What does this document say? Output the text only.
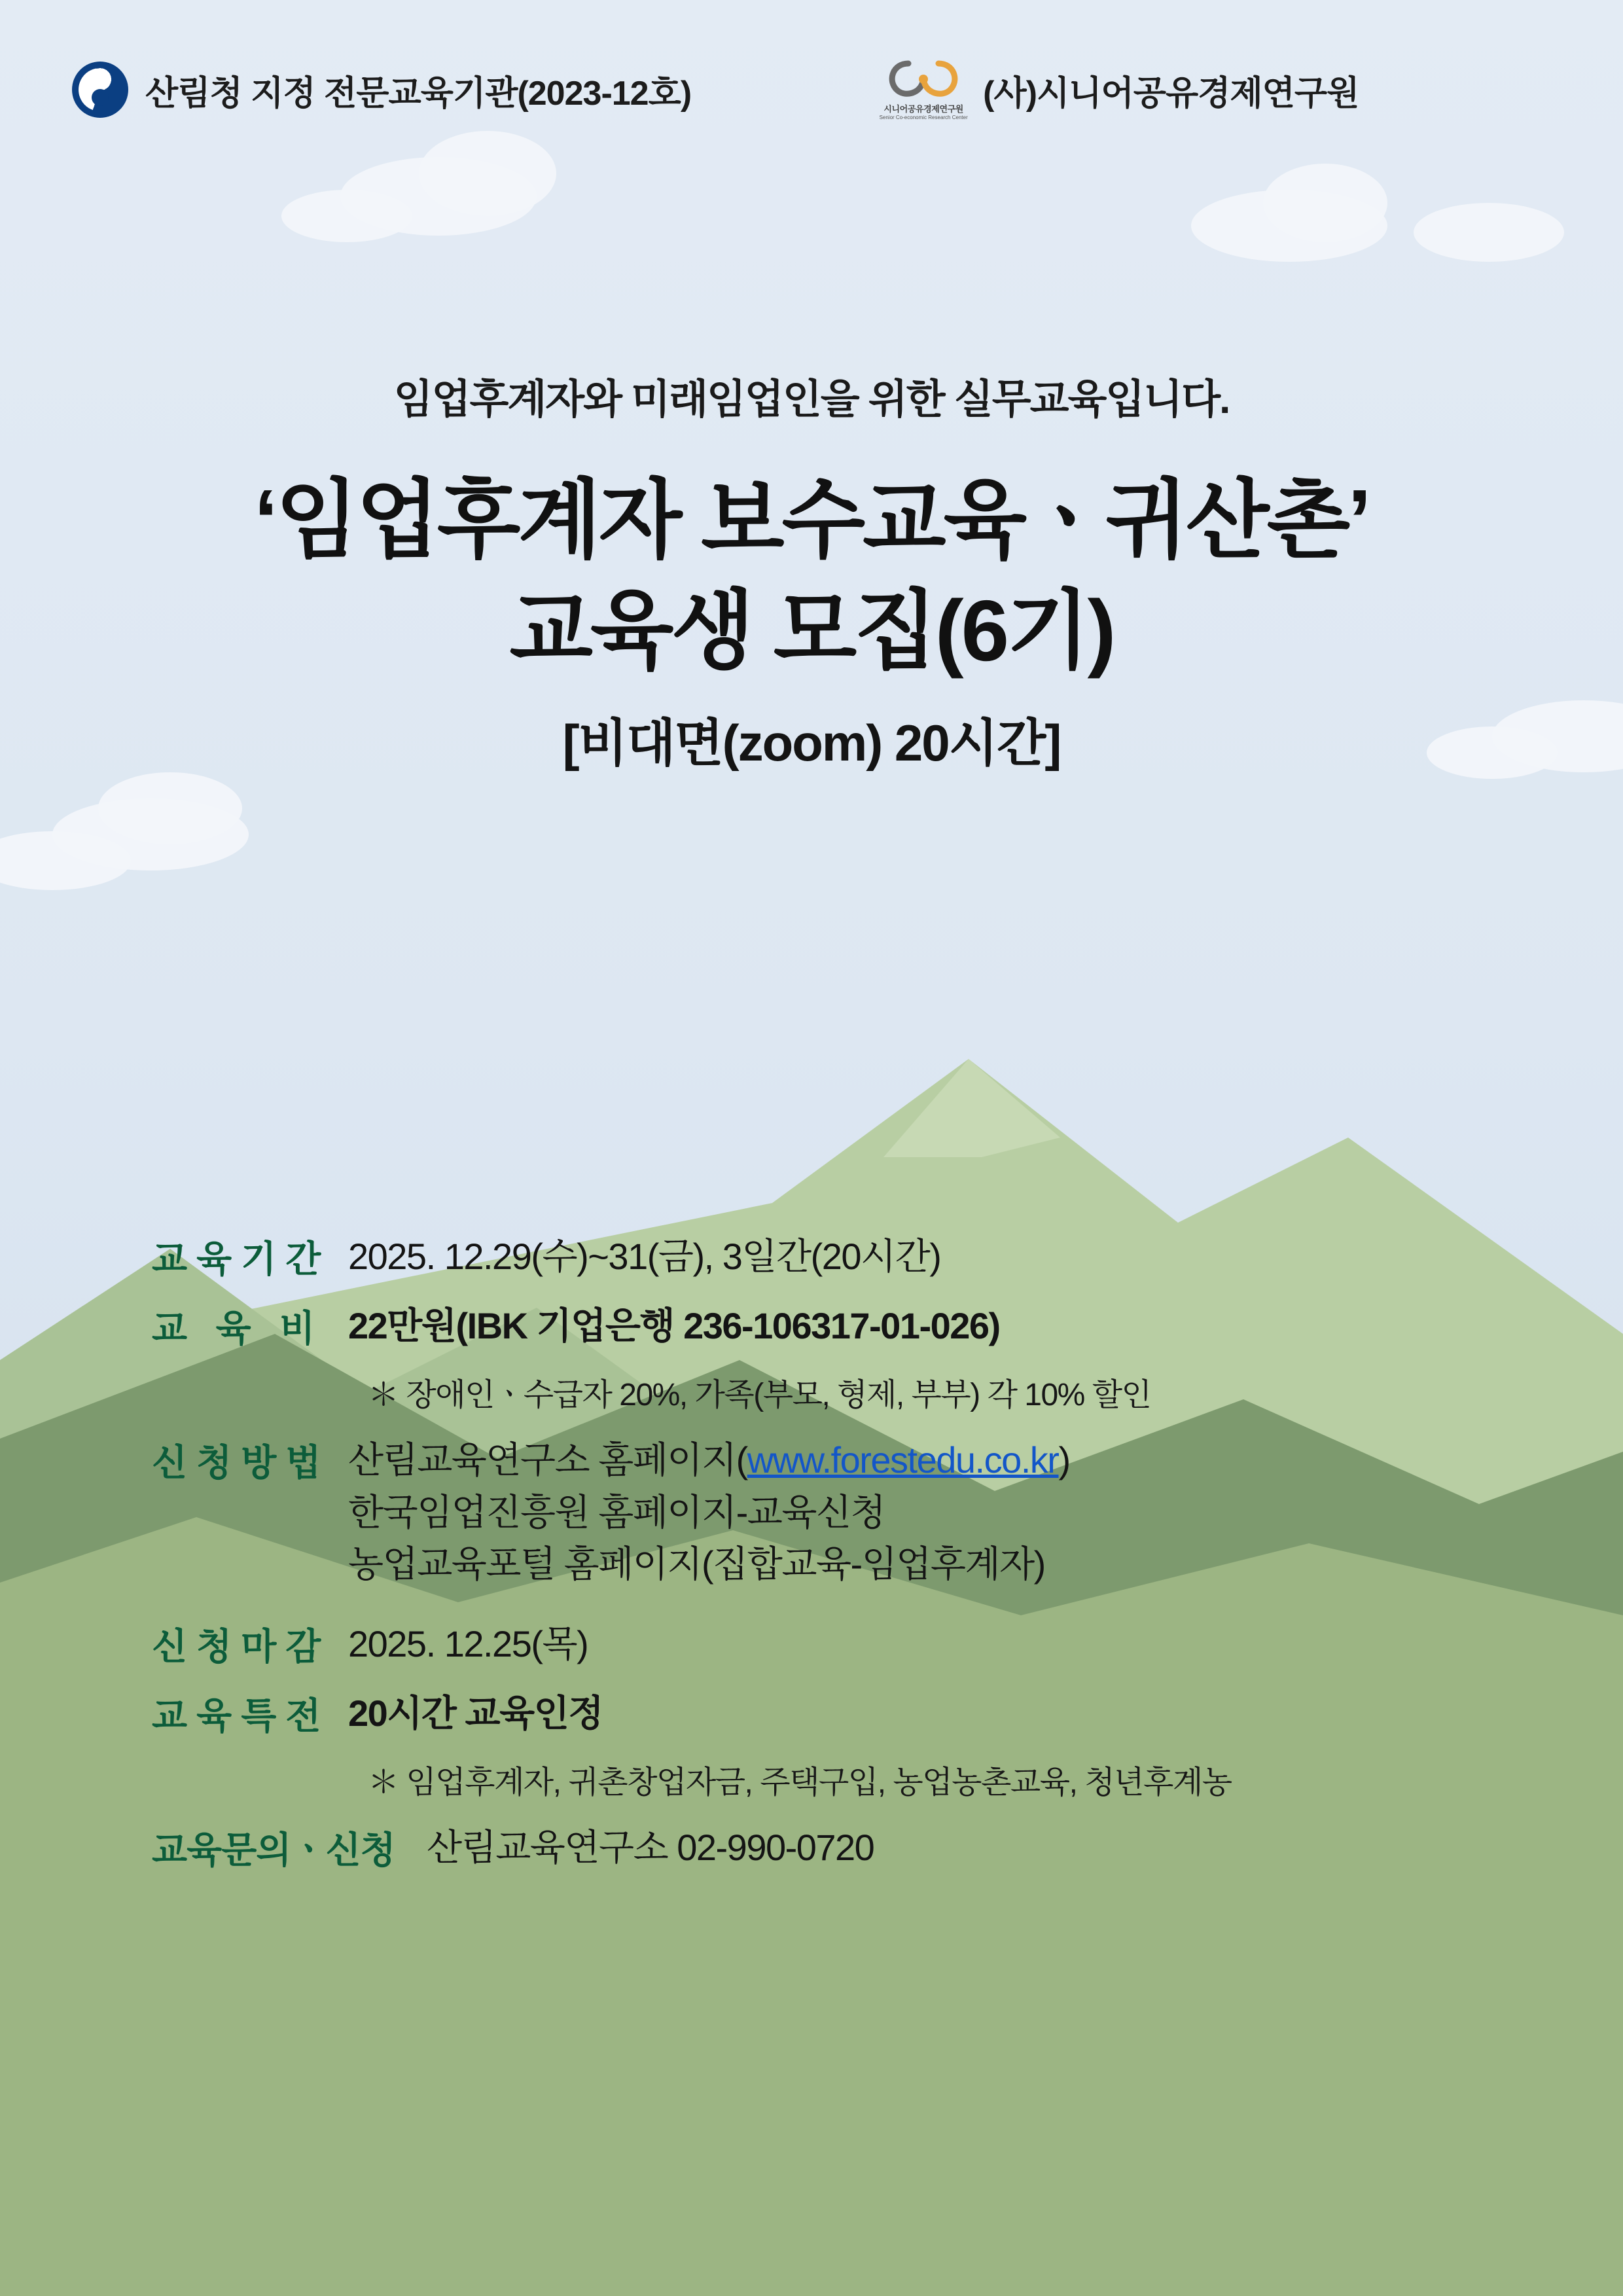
산림청 지정 전문교육기관(2023-12호)	시니어공유경제연구원
Senior Co-economic Research Center
(사)시니어공유경제연구원
임업후계자와 미래임업인을 위한 실무교육입니다.
‘임업후계자 보수교육ㆍ귀산촌’
교육생 모집(6기)
[비대면(zoom) 20시간]
교육기간 2025. 12.29(수)~31(금), 3일간(20시간)
교 육 비 22만원(IBK 기업은행 236-106317-01-026)
＊ 장애인ㆍ수급자 20%, 가족(부모, 형제, 부부) 각 10% 할인
신청방법 산림교육연구소 홈페이지(www.forestedu.co.kr)
한국임업진흥원 홈페이지-교육신청
농업교육포털 홈페이지(집합교육-임업후계자)
신청마감 2025. 12.25(목)
교육특전 20시간 교육인정
＊ 임업후계자, 귀촌창업자금, 주택구입, 농업농촌교육, 청년후계농
교육문의ㆍ신청 산림교육연구소 02-990-0720
